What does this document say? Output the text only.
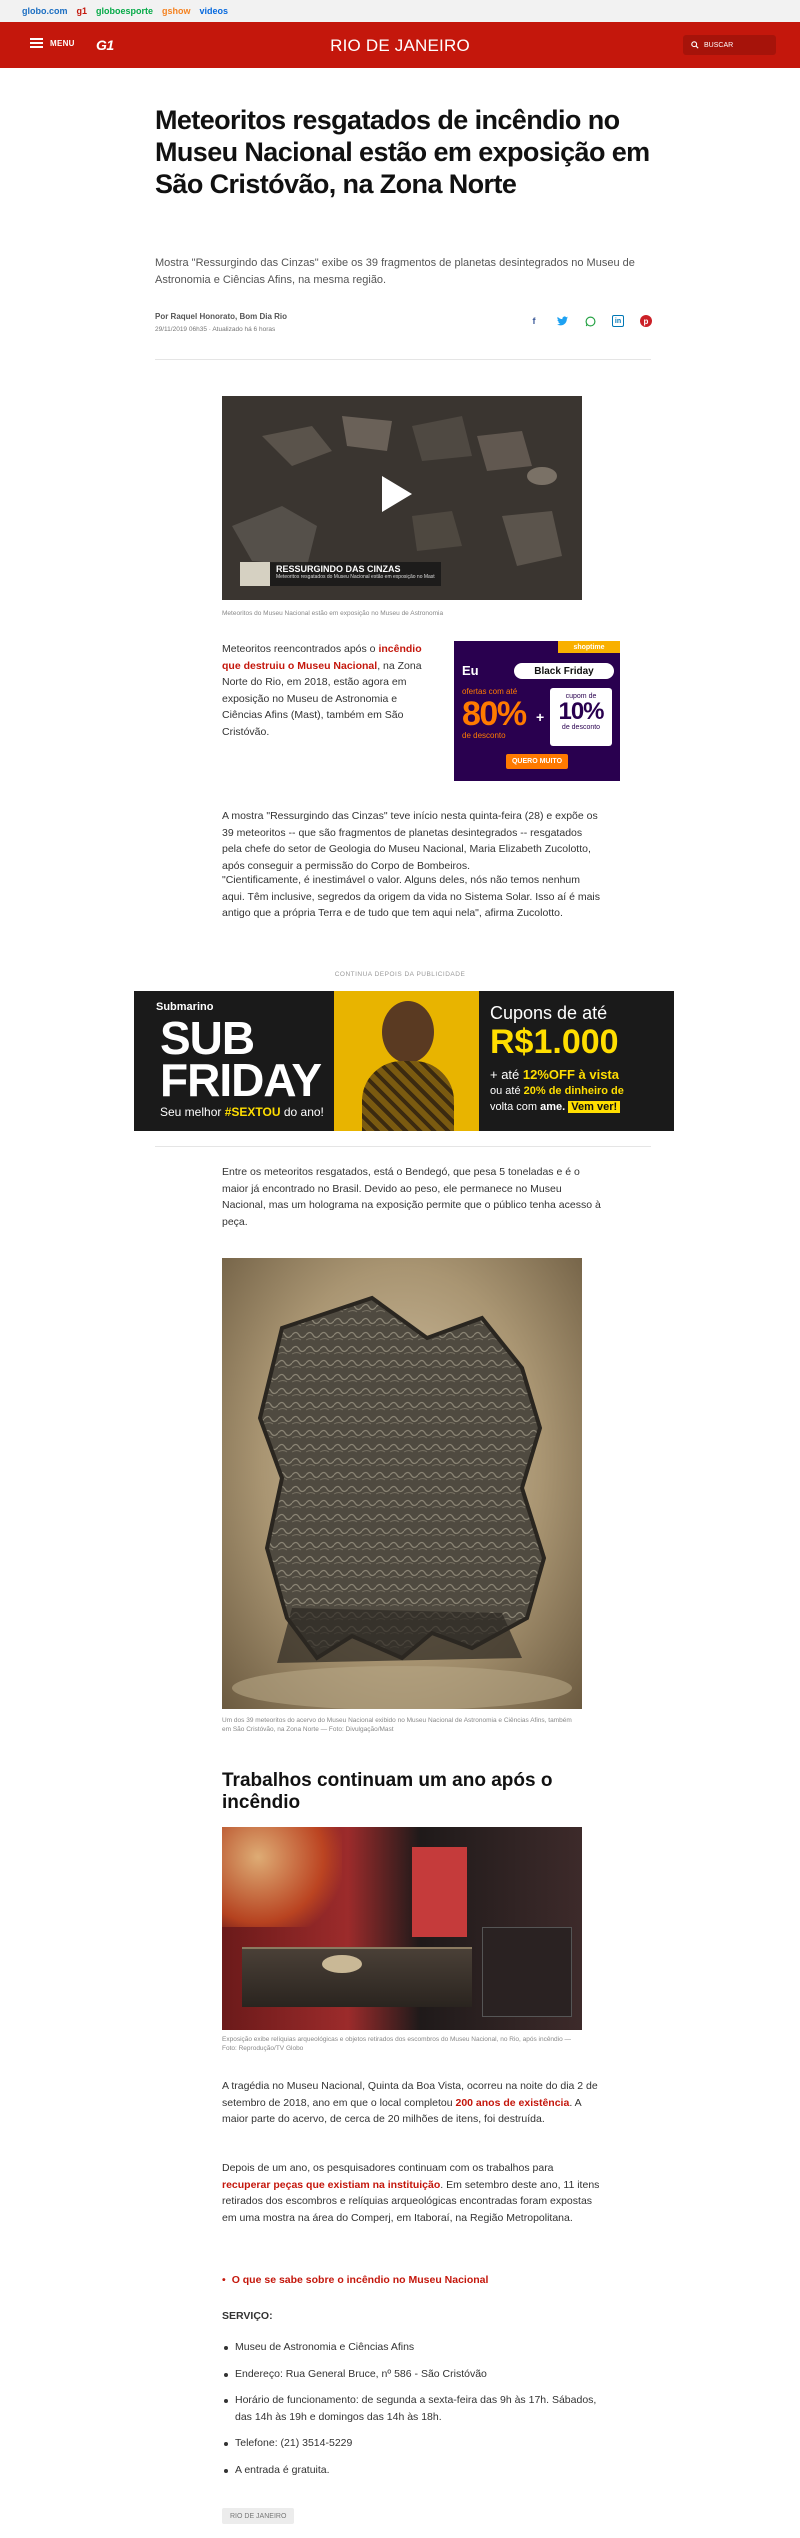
globo.com g1 globoesporte gshow videos
MENU G1	RIO DE JANEIRO	BUSCAR
Meteoritos resgatados de incêndio no Museu Nacional estão em exposição em São Cristóvão, na Zona Norte

Mostra "Ressurgindo das Cinzas" exibe os 39 fragmentos de planetas desintegrados no Museu de Astronomia e Ciências Afins, na mesma região.

Por Raquel Honorato, Bom Dia Rio
29/11/2019 06h35 · Atualizado há 6 horas
f	in	p
RESSURGINDO DAS CINZAS
Meteoritos resgatados do Museu Nacional estão em exposição no Mast
Meteoritos do Museu Nacional estão em exposição no Museu de Astronomia

Meteoritos reencontrados após o incêndio que destruiu o Museu Nacional, na Zona Norte do Rio, em 2018, estão agora em exposição no Museu de Astronomia e Ciências Afins (Mast), também em São Cristóvão.

shoptime
Eu	Black Friday
ofertas com até
80%
de desconto
+
cupom de
10%
de desconto
QUERO MUITO

A mostra "Ressurgindo das Cinzas" teve início nesta quinta-feira (28) e expõe os 39 meteoritos -- que são fragmentos de planetas desintegrados -- resgatados pela chefe do setor de Geologia do Museu Nacional, Maria Elizabeth Zucolotto, após conseguir a permissão do Corpo de Bombeiros.

"Cientificamente, é inestimável o valor. Alguns deles, nós não temos nenhum aqui. Têm inclusive, segredos da origem da vida no Sistema Solar. Isso aí é mais antigo que a própria Terra e de tudo que tem aqui nela", afirma Zucolotto.

CONTINUA DEPOIS DA PUBLICIDADE
Submarino
SUB
FRIDAY
Seu melhor #SEXTOU do ano!
Cupons de até
R$1.000
+ até 12%OFF à vista
ou até 20% de dinheiro de
volta com ame. Vem ver!

Entre os meteoritos resgatados, está o Bendegó, que pesa 5 toneladas e é o maior já encontrado no Brasil. Devido ao peso, ele permanece no Museu Nacional, mas um holograma na exposição permite que o público tenha acesso à peça.

Um dos 39 meteoritos do acervo do Museu Nacional exibido no Museu Nacional de Astronomia e Ciências Afins, também em São Cristóvão, na Zona Norte — Foto: Divulgação/Mast
Trabalhos continuam um ano após o incêndio
Exposição exibe relíquias arqueológicas e objetos retirados dos escombros do Museu Nacional, no Rio, após incêndio — Foto: Reprodução/TV Globo

A tragédia no Museu Nacional, Quinta da Boa Vista, ocorreu na noite do dia 2 de setembro de 2018, ano em que o local completou 200 anos de existência. A maior parte do acervo, de cerca de 20 milhões de itens, foi destruída.

Depois de um ano, os pesquisadores continuam com os trabalhos para recuperar peças que existiam na instituição. Em setembro deste ano, 11 itens retirados dos escombros e relíquias arqueológicas encontradas foram expostas em uma mostra na área do Comperj, em Itaboraí, na Região Metropolitana.

• O que se sabe sobre o incêndio no Museu Nacional
SERVIÇO:
Museu de Astronomia e Ciências Afins
Endereço: Rua General Bruce, nº 586 - São Cristóvão
Horário de funcionamento: de segunda a sexta-feira das 9h às 17h. Sábados, das 14h às 19h e domingos das 14h às 18h.
Telefone: (21) 3514-5229
A entrada é gratuita.
RIO DE JANEIRO
